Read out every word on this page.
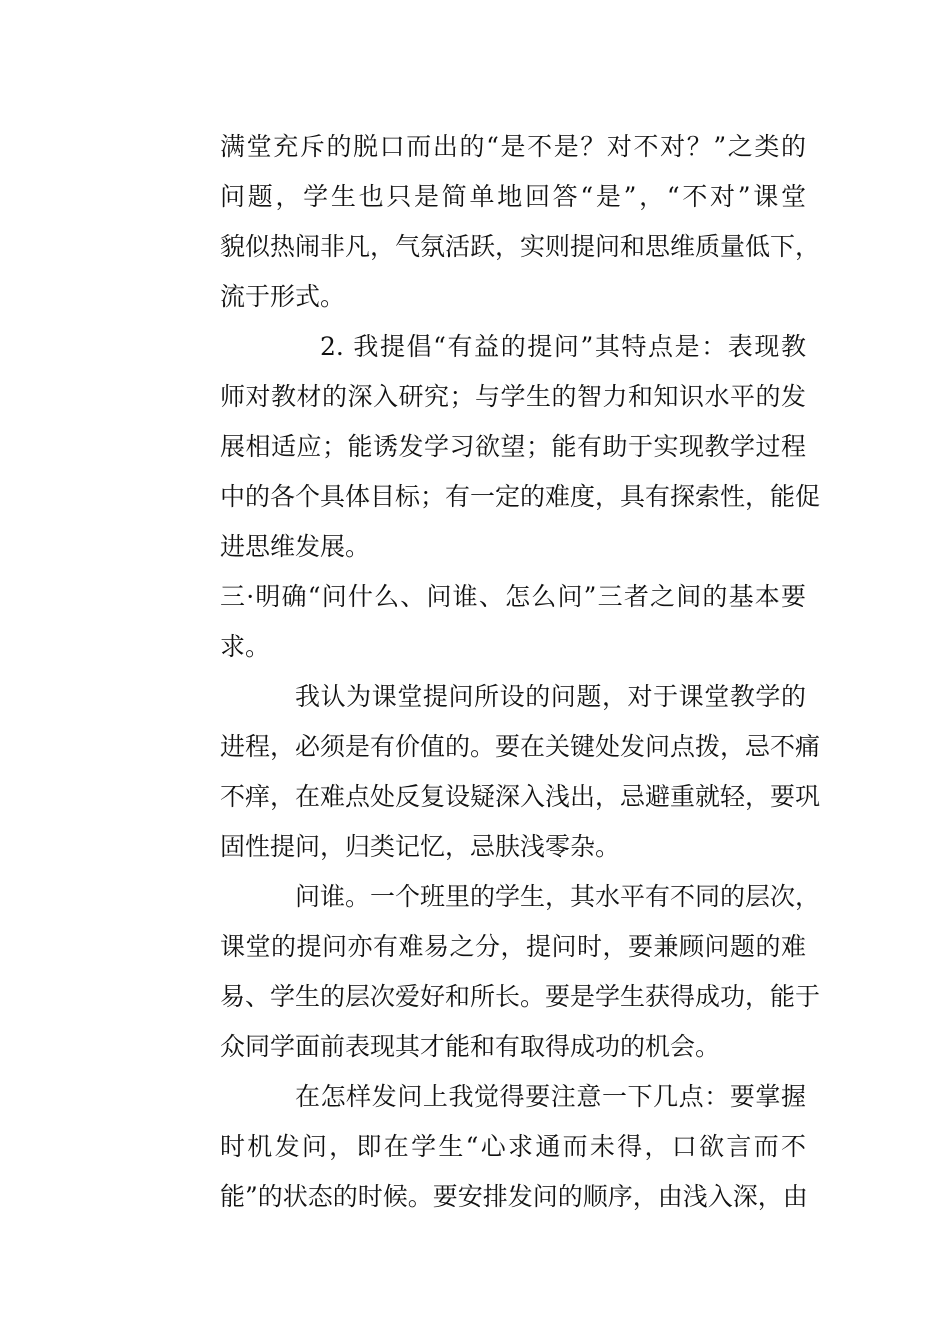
满堂充斥的脱口而出的“是不是？对不对？”之类的
问题，学生也只是简单地回答“是”，“不对”课堂
貌似热闹非凡，气氛活跃，实则提问和思维质量低下，
流于形式。
2. 我提倡“有益的提问”其特点是：表现教
师对教材的深入研究；与学生的智力和知识水平的发
展相适应；能诱发学习欲望；能有助于实现教学过程
中的各个具体目标；有一定的难度，具有探索性，能促
进思维发展。
三·明确“问什么、问谁、怎么问”三者之间的基本要
求。
我认为课堂提问所设的问题，对于课堂教学的
进程，必须是有价值的。要在关键处发问点拨，忌不痛
不痒，在难点处反复设疑深入浅出，忌避重就轻，要巩
固性提问，归类记忆，忌肤浅零杂。
问谁。一个班里的学生，其水平有不同的层次，
课堂的提问亦有难易之分，提问时，要兼顾问题的难
易、学生的层次爱好和所长。要是学生获得成功，能于
众同学面前表现其才能和有取得成功的机会。
在怎样发问上我觉得要注意一下几点：要掌握
时机发问，即在学生“心求通而未得，口欲言而不
能”的状态的时候。要安排发问的顺序，由浅入深，由
